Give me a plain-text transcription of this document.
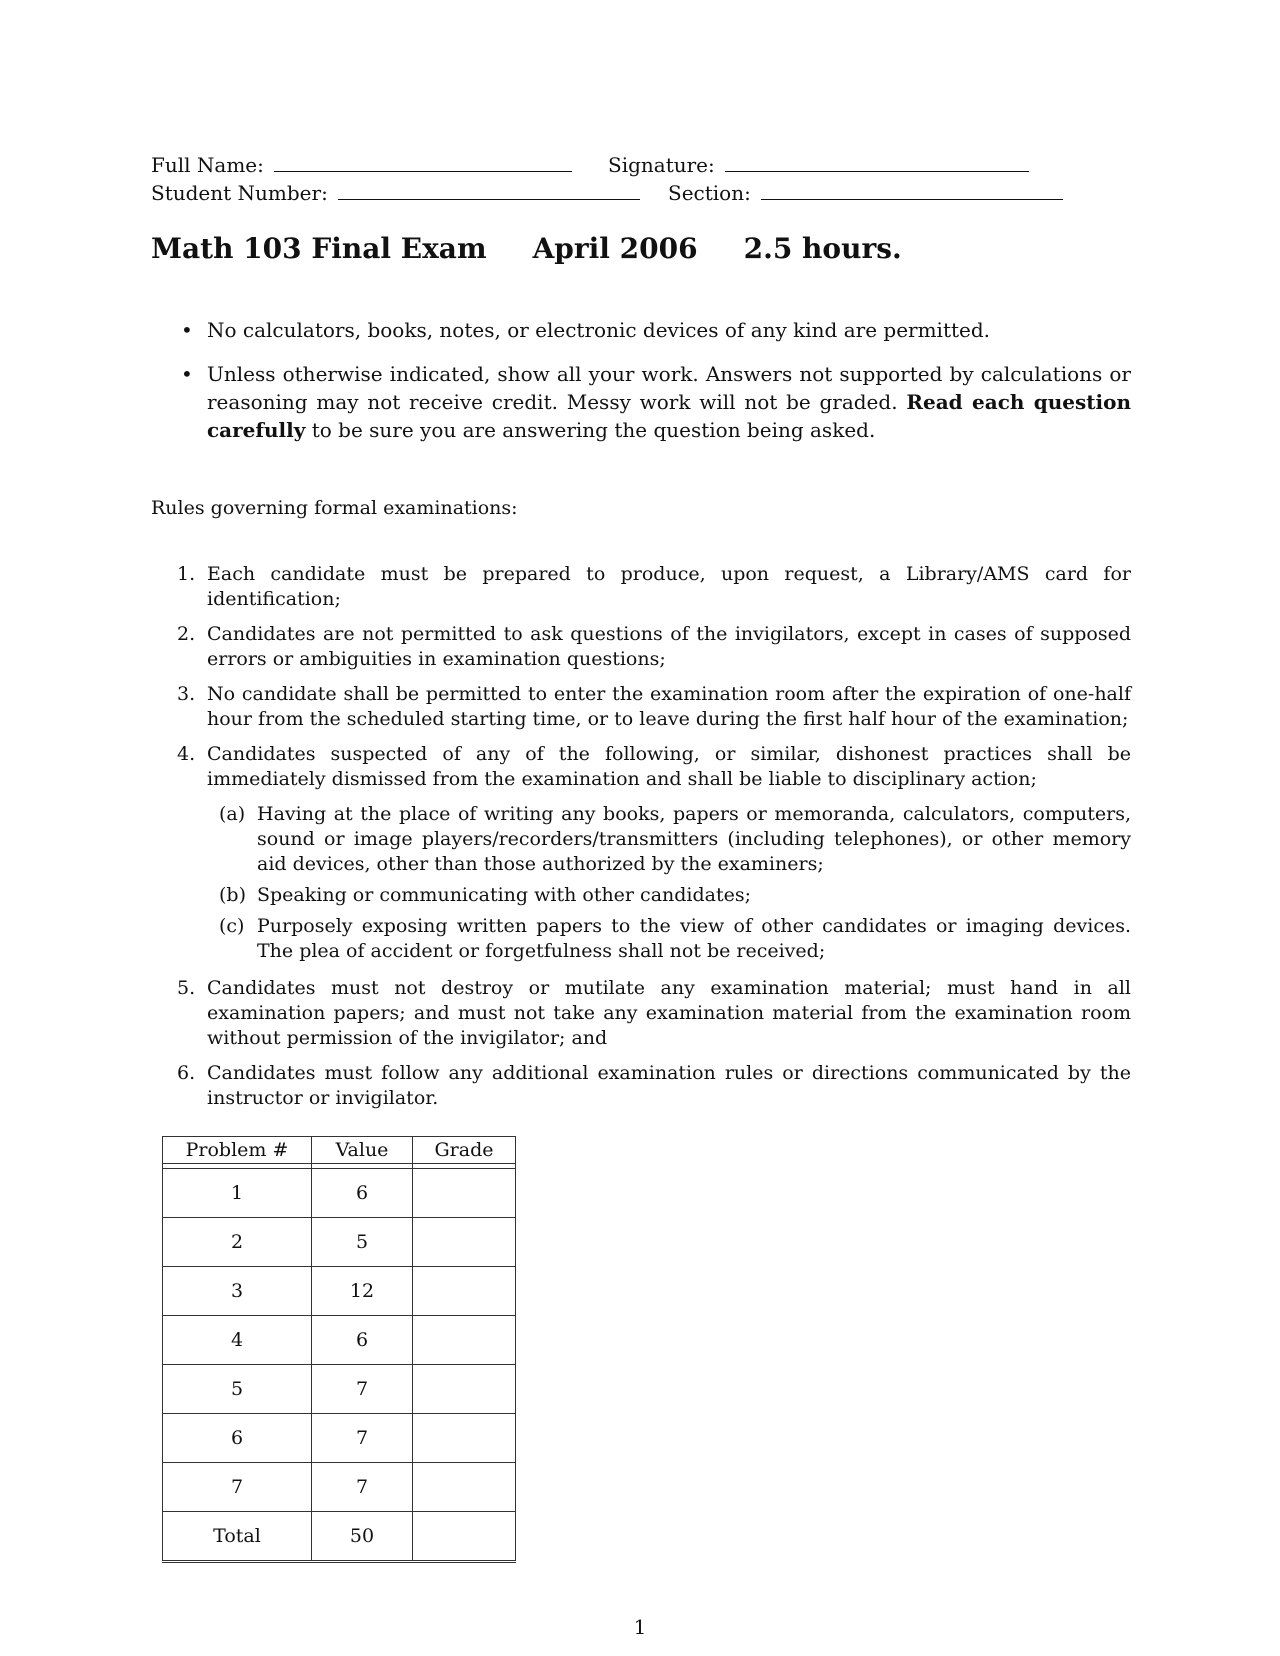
Full Name:	Signature:
Student Number:	Section:
Math 103 Final Exam April 2006 2.5 hours.
• No calculators, books, notes, or electronic devices of any kind are permitted.
• Unless otherwise indicated, show all your work. Answers not supported by calculations or reasoning may not receive credit. Messy work will not be graded. Read each question carefully to be sure you are answering the question being asked.
Rules governing formal examinations:
1. Each candidate must be prepared to produce, upon request, a Library/AMS card for identification;
2. Candidates are not permitted to ask questions of the invigilators, except in cases of supposed errors or ambiguities in examination questions;
3. No candidate shall be permitted to enter the examination room after the expiration of one-half hour from the scheduled starting time, or to leave during the first half hour of the examination;
4. Candidates suspected of any of the following, or similar, dishonest practices shall be immediately dismissed from the examination and shall be liable to disciplinary action;
(a) Having at the place of writing any books, papers or memoranda, calculators, computers, sound or image players/recorders/transmitters (including telephones), or other memory aid devices, other than those authorized by the examiners;
(b) Speaking or communicating with other candidates;
(c) Purposely exposing written papers to the view of other candidates or imaging devices. The plea of accident or forgetfulness shall not be received;
5. Candidates must not destroy or mutilate any examination material; must hand in all examination papers; and must not take any examination material from the examination room without permission of the invigilator; and
6. Candidates must follow any additional examination rules or directions communicated by the instructor or invigilator.
Problem #	Value	Grade

1	6	
2	5	
3	12	
4	6	
5	7	
6	7	
7	7	
Total	50	
1
